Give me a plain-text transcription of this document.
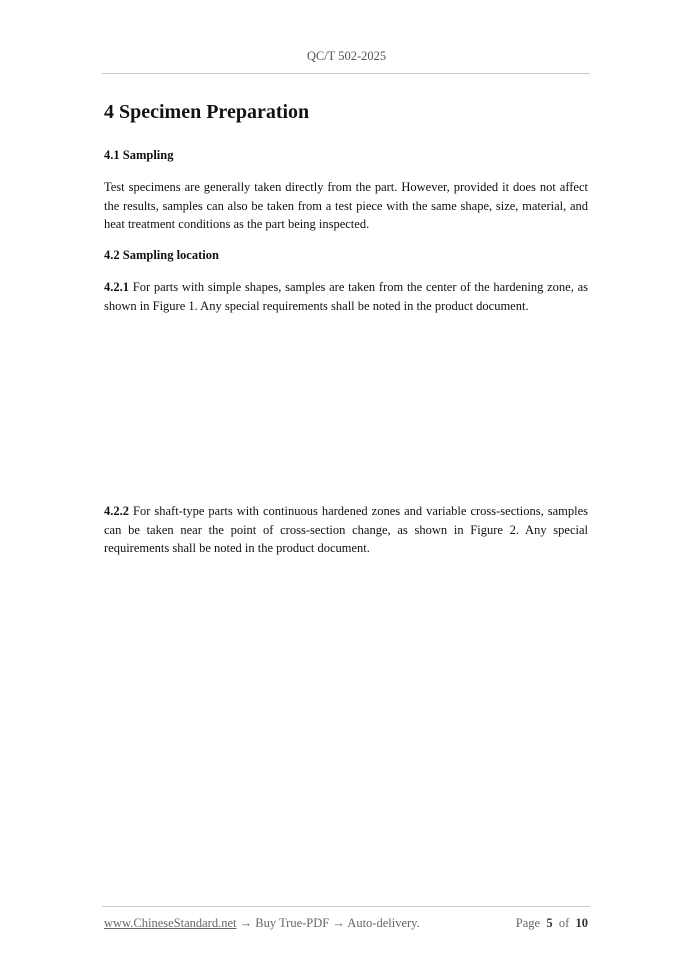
QC/T 502-2025
4 Specimen Preparation
4.1 Sampling
Test specimens are generally taken directly from the part. However, provided it does not affect the results, samples can also be taken from a test piece with the same shape, size, material, and heat treatment conditions as the part being inspected.
4.2 Sampling location
4.2.1 For parts with simple shapes, samples are taken from the center of the hardening zone, as shown in Figure 1. Any special requirements shall be noted in the product document.
4.2.2 For shaft-type parts with continuous hardened zones and variable cross-sections, samples can be taken near the point of cross-section change, as shown in Figure 2. Any special requirements shall be noted in the product document.
www.ChineseStandard.net → Buy True-PDF → Auto-delivery.	Page 5 of 10
